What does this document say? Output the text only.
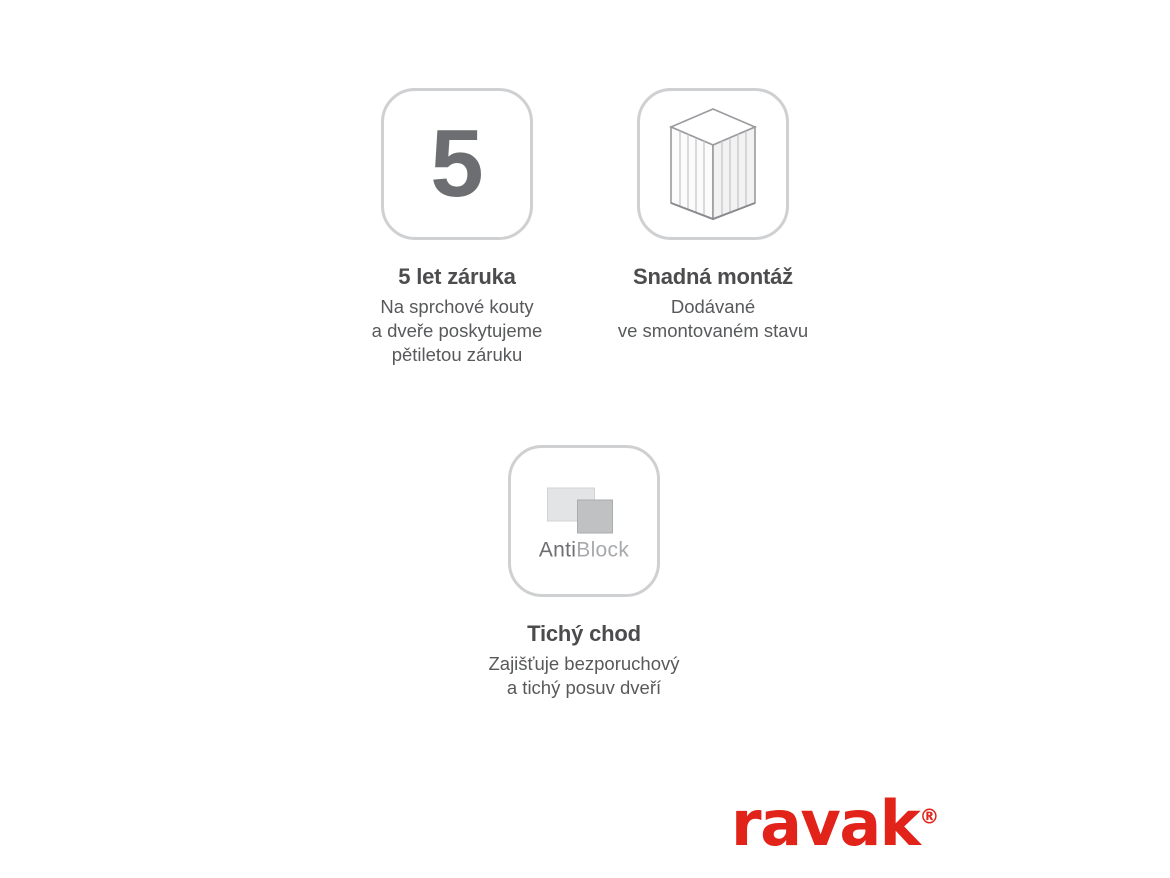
5
5 let záruka
Na sprchové kouty
a dveře poskytujeme
pětiletou záruku
Snadná montáž
Dodávané
ve smontovaném stavu
AntiBlock
Tichý chod
Zajišťuje bezporuchový
a tichý posuv dveří
ravak®
